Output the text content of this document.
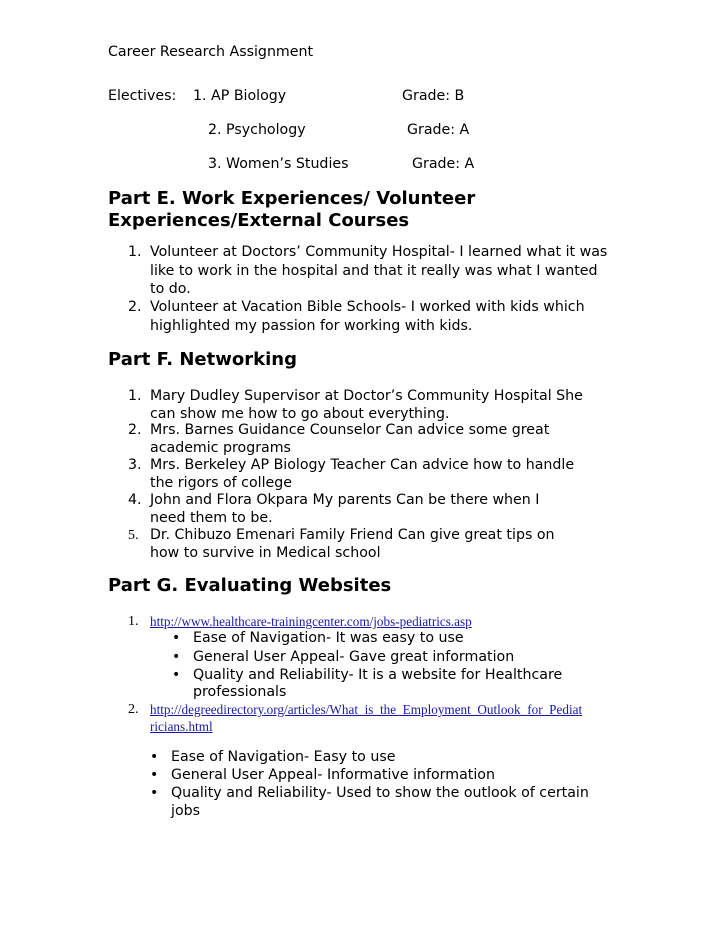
Career Research Assignment
Electives: 1. AP Biology	Grade: B
2. Psychology	Grade: A
3. Women’s Studies	Grade: A
Part E. Work Experiences/ Volunteer
Experiences/External Courses
1. Volunteer at Doctors’ Community Hospital- I learned what it was
like to work in the hospital and that it really was what I wanted
to do.
2. Volunteer at Vacation Bible Schools- I worked with kids which
highlighted my passion for working with kids.
Part F. Networking
1. Mary Dudley Supervisor at Doctor’s Community Hospital She
can show me how to go about everything.
2. Mrs. Barnes Guidance Counselor Can advice some great
academic programs
3. Mrs. Berkeley AP Biology Teacher Can advice how to handle
the rigors of college
4. John and Flora Okpara My parents Can be there when I
need them to be.
5. Dr. Chibuzo Emenari Family Friend Can give great tips on
how to survive in Medical school
Part G. Evaluating Websites
1. http://www.healthcare-trainingcenter.com/jobs-pediatrics.asp
• Ease of Navigation- It was easy to use
• General User Appeal- Gave great information
• Quality and Reliability- It is a website for Healthcare
professionals
2. http://degreedirectory.org/articles/What_is_the_Employment_Outlook_for_Pediat
ricians.html
• Ease of Navigation- Easy to use
• General User Appeal- Informative information
• Quality and Reliability- Used to show the outlook of certain
jobs
